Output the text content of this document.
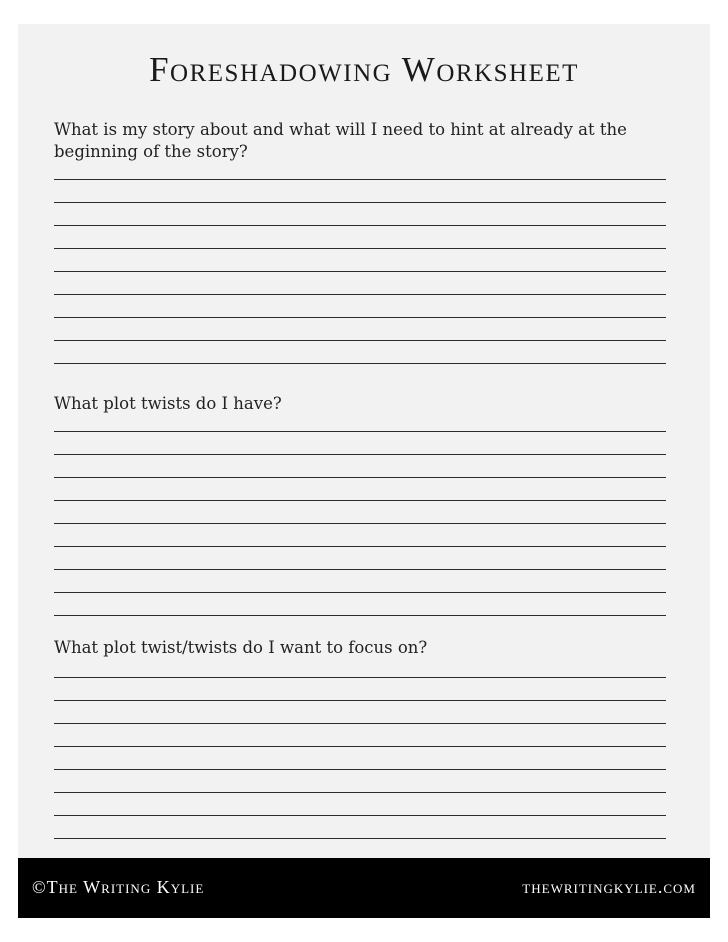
Foreshadowing Worksheet

What is my story about and what will I need to hint at already at the beginning of the story?

What plot twists do I have?

What plot twist/twists do I want to focus on?

©The Writing Kylie	thewritingkylie.com
